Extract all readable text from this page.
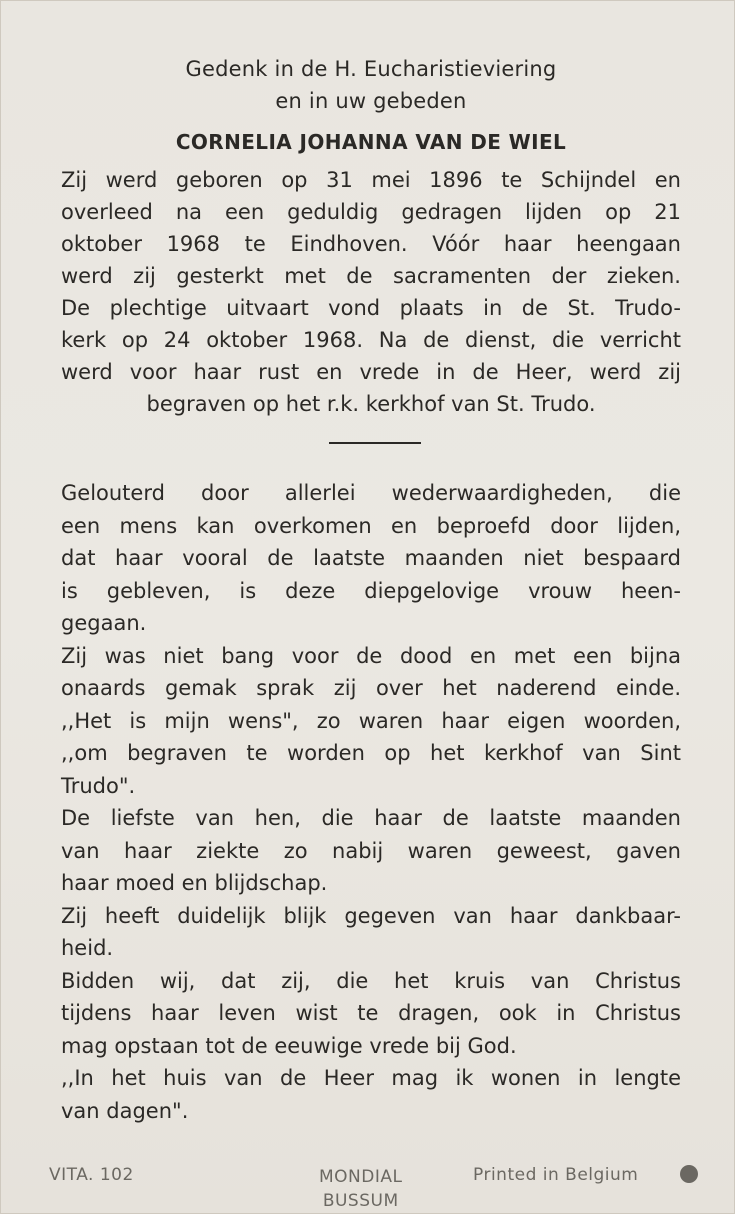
Gedenk in de H. Eucharistieviering
en in uw gebeden
CORNELIA JOHANNA VAN DE WIEL
Zij werd geboren op 31 mei 1896 te Schijndel en
overleed na een geduldig gedragen lijden op 21
oktober 1968 te Eindhoven. Vóór haar heengaan
werd zij gesterkt met de sacramenten der zieken.
De plechtige uitvaart vond plaats in de St. Trudo-
kerk op 24 oktober 1968. Na de dienst, die verricht
werd voor haar rust en vrede in de Heer, werd zij
begraven op het r.k. kerkhof van St. Trudo.
Gelouterd door allerlei wederwaardigheden, die
een mens kan overkomen en beproefd door lijden,
dat haar vooral de laatste maanden niet bespaard
is gebleven, is deze diepgelovige vrouw heen-
gegaan.
Zij was niet bang voor de dood en met een bijna
onaards gemak sprak zij over het naderend einde.
,,Het is mijn wens", zo waren haar eigen woorden,
,,om begraven te worden op het kerkhof van Sint
Trudo".
De liefste van hen, die haar de laatste maanden
van haar ziekte zo nabij waren geweest, gaven
haar moed en blijdschap.
Zij heeft duidelijk blijk gegeven van haar dankbaar-
heid.
Bidden wij, dat zij, die het kruis van Christus
tijdens haar leven wist te dragen, ook in Christus
mag opstaan tot de eeuwige vrede bij God.
,,In het huis van de Heer mag ik wonen in lengte
van dagen".
VITA. 102	MONDIAL
BUSSUM
Printed in Belgium
